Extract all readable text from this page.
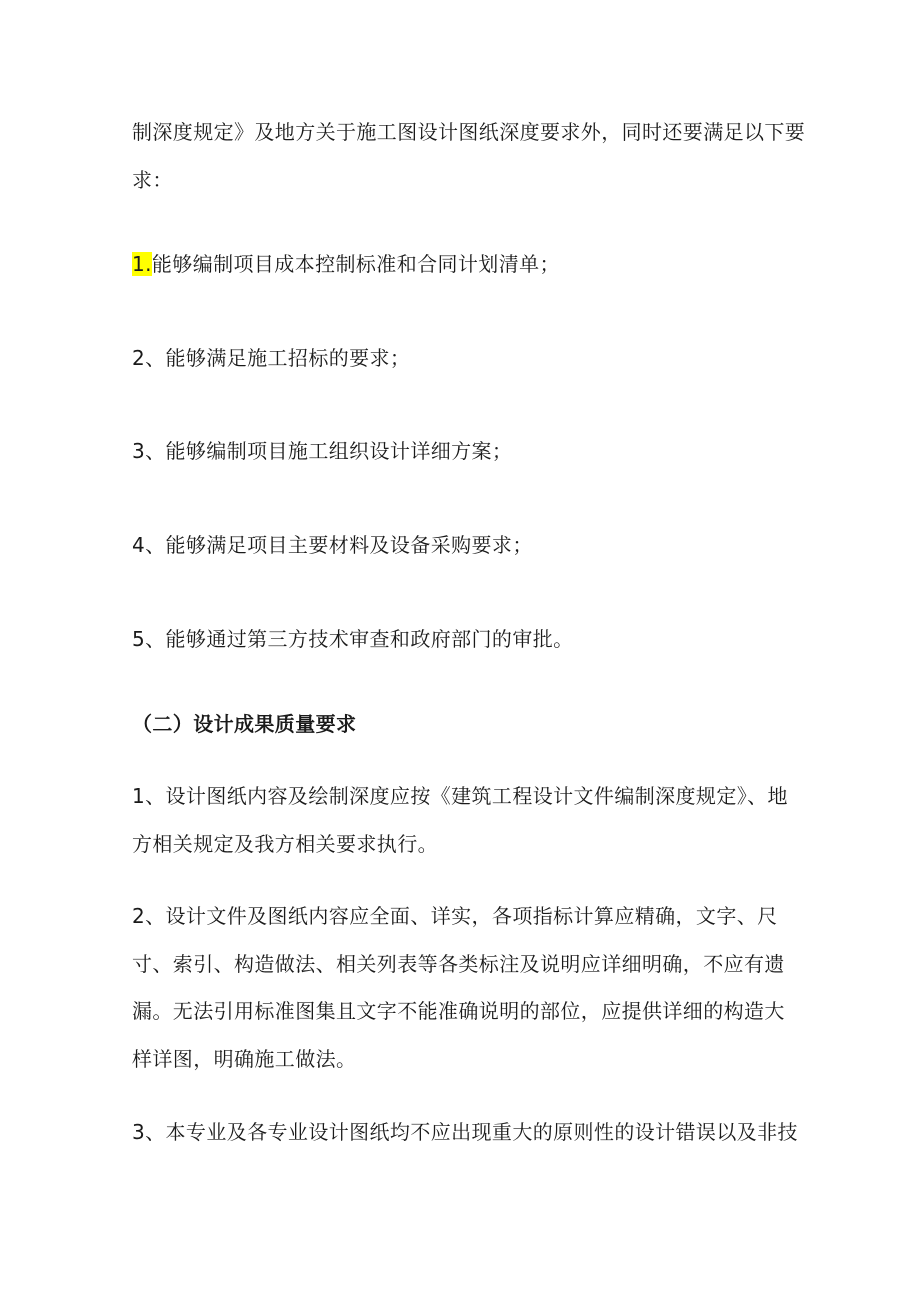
制深度规定》及地方关于施工图设计图纸深度要求外，同时还要满足以下要
求：
1.能够编制项目成本控制标准和合同计划清单；
2、能够满足施工招标的要求；
3、能够编制项目施工组织设计详细方案；
4、能够满足项目主要材料及设备采购要求；
5、能够通过第三方技术审查和政府部门的审批。
（二）设计成果质量要求
1、设计图纸内容及绘制深度应按《建筑工程设计文件编制深度规定》、地
方相关规定及我方相关要求执行。
2、设计文件及图纸内容应全面、详实，各项指标计算应精确，文字、尺
寸、索引、构造做法、相关列表等各类标注及说明应详细明确，不应有遗
漏。无法引用标准图集且文字不能准确说明的部位，应提供详细的构造大
样详图，明确施工做法。
3、本专业及各专业设计图纸均不应出现重大的原则性的设计错误以及非技
